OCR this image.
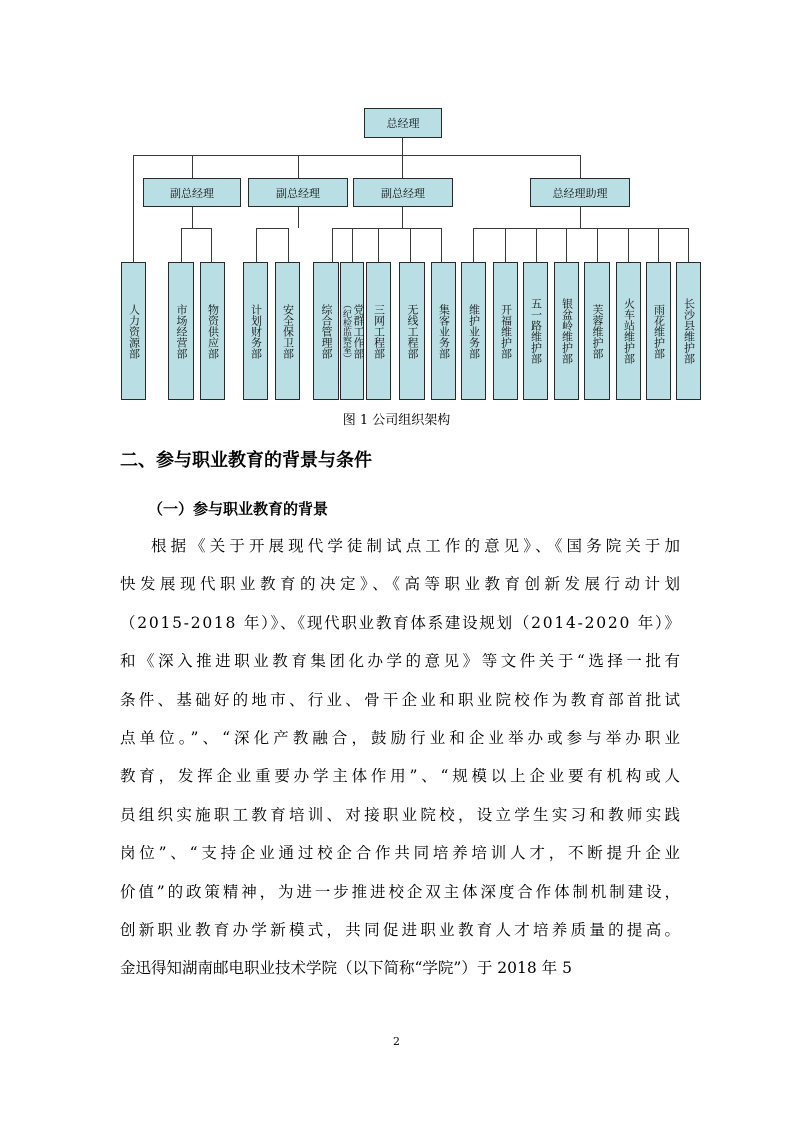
总经理
副总经理	副总经理	副总经理	总经理助理
人力资源部	市场经营部 物资供应部	计划财务部 安全保卫部 综合管理部 党群工作部
（纪检监察室） 三网工程部 无线工程部 集客业务部 维护业务部 开福维护部 五一路维护部 银盆岭维护部 芙蓉维护部 火车站维护部 雨花维护部 长沙县维护部
图 1 公司组织架构
二、参与职业教育的背景与条件
（一）参与职业教育的背景
根据《关于开展现代学徒制试点工作的意见》、《国务院关于加
快发展现代职业教育的决定》、《高等职业教育创新发展行动计划
（2015-2018 年）》、《现代职业教育体系建设规划（2014-2020 年）》
和《深入推进职业教育集团化办学的意见》等文件关于“选择一批有
条件、基础好的地市、行业、骨干企业和职业院校作为教育部首批试
点单位。”、“深化产教融合，鼓励行业和企业举办或参与举办职业
教育，发挥企业重要办学主体作用”、“规模以上企业要有机构或人
员组织实施职工教育培训、对接职业院校，设立学生实习和教师实践
岗位”、“支持企业通过校企合作共同培养培训人才，不断提升企业
价值”的政策精神，为进一步推进校企双主体深度合作体制机制建设，
创新职业教育办学新模式，共同促进职业教育人才培养质量的提高。
金迅得知湖南邮电职业技术学院（以下简称“学院”）于 2018 年 5
2
